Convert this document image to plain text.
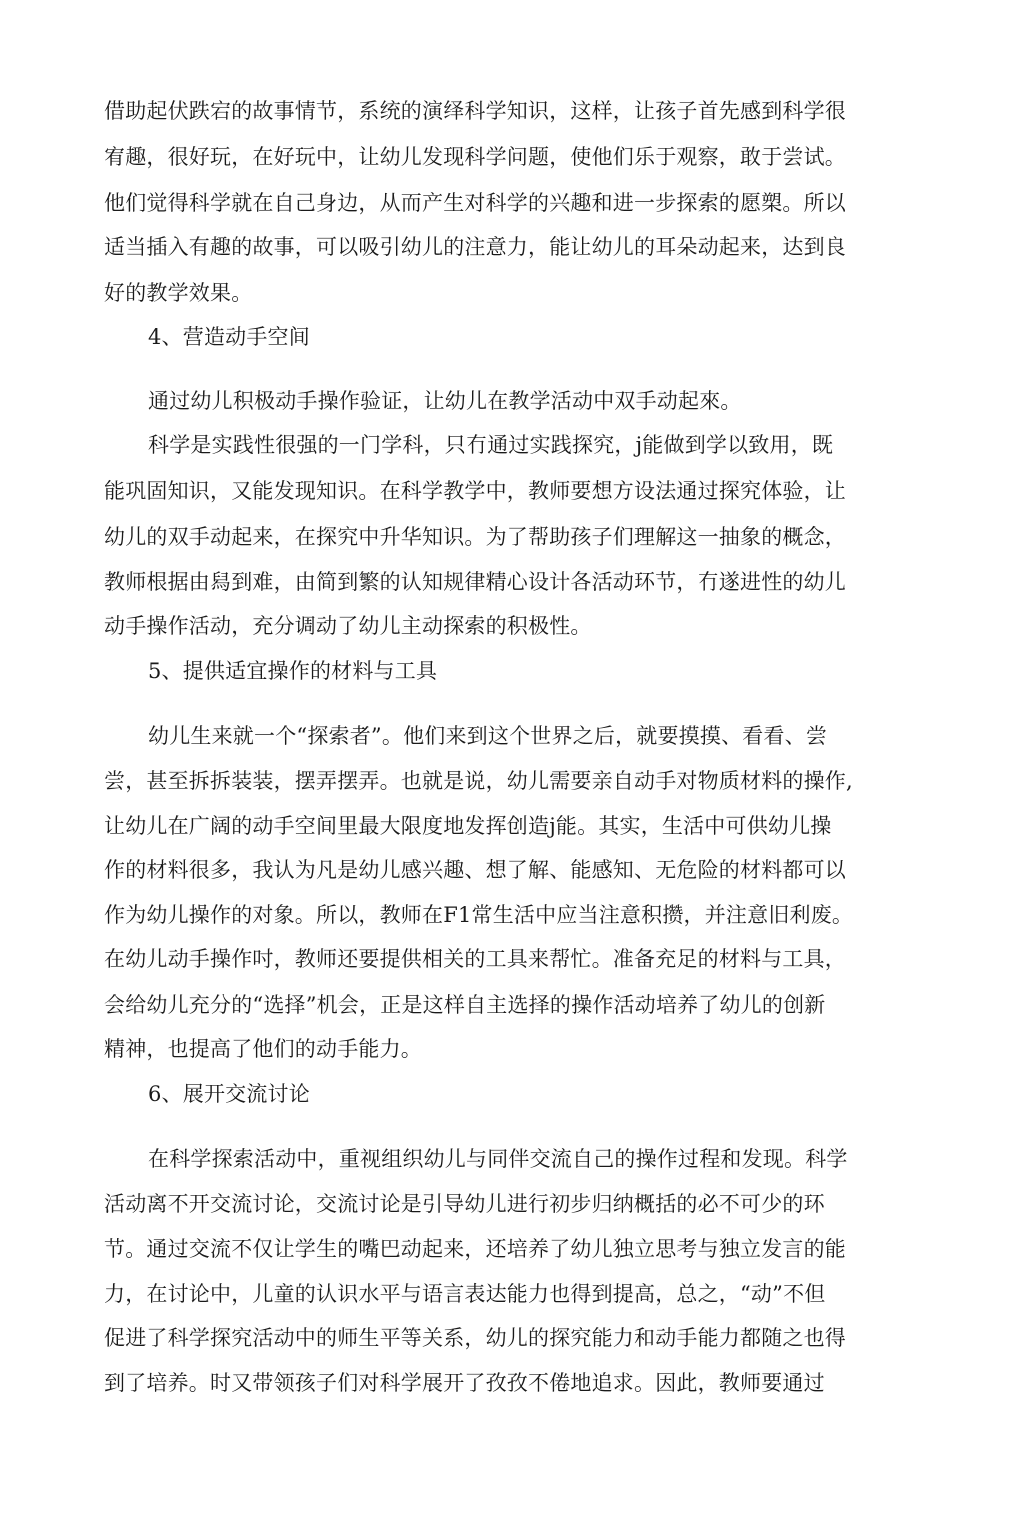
借助起伏跌宕的故事情节，系统的演绎科学知识，这样，让孩子首先感到科学很
宥趣，很好玩，在好玩中，让幼儿发现科学问题，使他们乐于观察，敢于尝试。
他们觉得科学就在自己身边，从而产生对科学的兴趣和进一步探索的愿槊。所以
适当插入有趣的故事，可以吸引幼儿的注意力，能让幼儿的耳朵动起来，达到良
好的教学效果。
4、营造动手空间
通过幼儿积极动手操作验证，让幼儿在教学活动中双手动起來。
科学是实践性很强的一门学科，只冇通过实践探究，j能做到学以致用，既
能巩固知识，又能发现知识。在科学教学中，教师要想方设法通过探究体验，让
幼儿的双手动起来，在探究中升华知识。为了帮助孩子们理解这一抽象的概念，
教师根据由舄到难，由简到繁的认知规律精心设计各活动环节，冇遂进性的幼儿
动手操作活动，充分调动了幼儿主动探索的积极性。
5、提供适宜操作的材料与工具
幼儿生来就一个“探索者”。他们来到这个世界之后，就要摸摸、看看、尝
尝，甚至拆拆装装，摆弄摆弄。也就是说，幼儿需要亲自动手对物质材料的操作,
让幼儿在广阔的动手空间里最大限度地发挥创造j能。其实，生活中可供幼儿操
作的材料很多，我认为凡是幼儿感兴趣、想了解、能感知、无危险的材料都可以
作为幼儿操作的对象。所以，教师在F1常生活中应当注意积攒，并注意旧利废。
在幼儿动手操作吋，教师还要提供相关的工具来帮忙。准备充足的材料与工具，
会给幼儿充分的“选择”机会，正是这样自主选择的操作活动培养了幼儿的创新
精神，也提高了他们的动手能力。
6、展开交流讨论
在科学探索活动中，重视组织幼儿与同伴交流自己的操作过程和发现。科学
活动离不开交流讨论，交流讨论是引导幼儿进行初步归纳概括的必不可少的环
节。通过交流不仅让学生的嘴巴动起来，还培养了幼儿独立思考与独立发言的能
力，在讨论中，儿童的认识水平与语言表达能力也得到提高，总之，“动”不但
促进了科学探究活动中的师生平等关系，幼儿的探究能力和动手能力都随之也得
到了培养。时又带领孩子们对科学展开了孜孜不倦地追求。因此，教师要通过
